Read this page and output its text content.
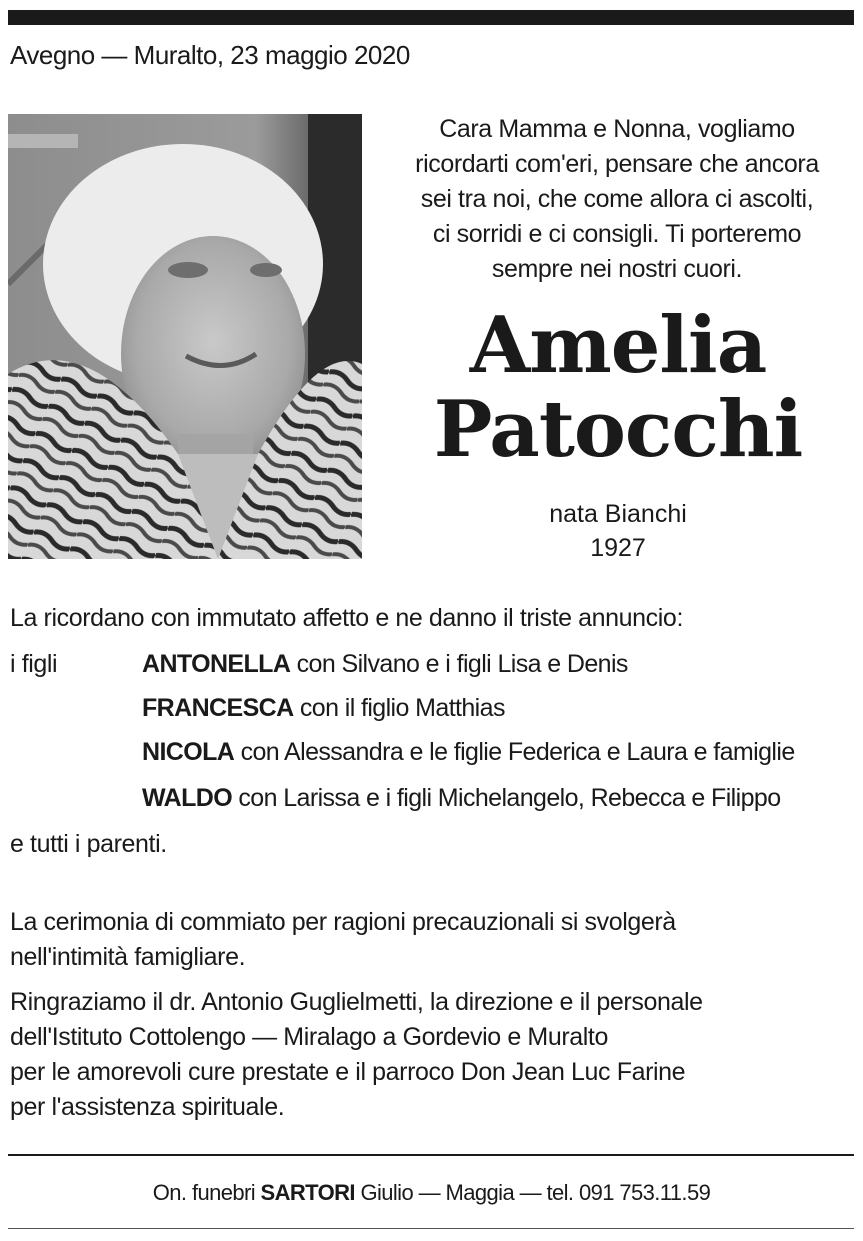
Avegno — Muralto, 23 maggio 2020
Cara Mamma e Nonna, vogliamo
ricordarti com'eri, pensare che ancora
sei tra noi, che come allora ci ascolti,
ci sorridi e ci consigli. Ti porteremo
sempre nei nostri cuori.
Amelia
Patocchi
nata Bianchi
1927
La ricordano con immutato affetto e ne danno il triste annuncio:
i figli	ANTONELLA con Silvano e i figli Lisa e Denis
FRANCESCA con il figlio Matthias
NICOLA con Alessandra e le figlie Federica e Laura e famiglie
WALDO con Larissa e i figli Michelangelo, Rebecca e Filippo
e tutti i parenti.
La cerimonia di commiato per ragioni precauzionali si svolgerà
nell'intimità famigliare.
Ringraziamo il dr. Antonio Guglielmetti, la direzione e il personale
dell'Istituto Cottolengo — Miralago a Gordevio e Muralto
per le amorevoli cure prestate e il parroco Don Jean Luc Farine
per l'assistenza spirituale.
On. funebri SARTORI Giulio — Maggia — tel. 091 753.11.59
